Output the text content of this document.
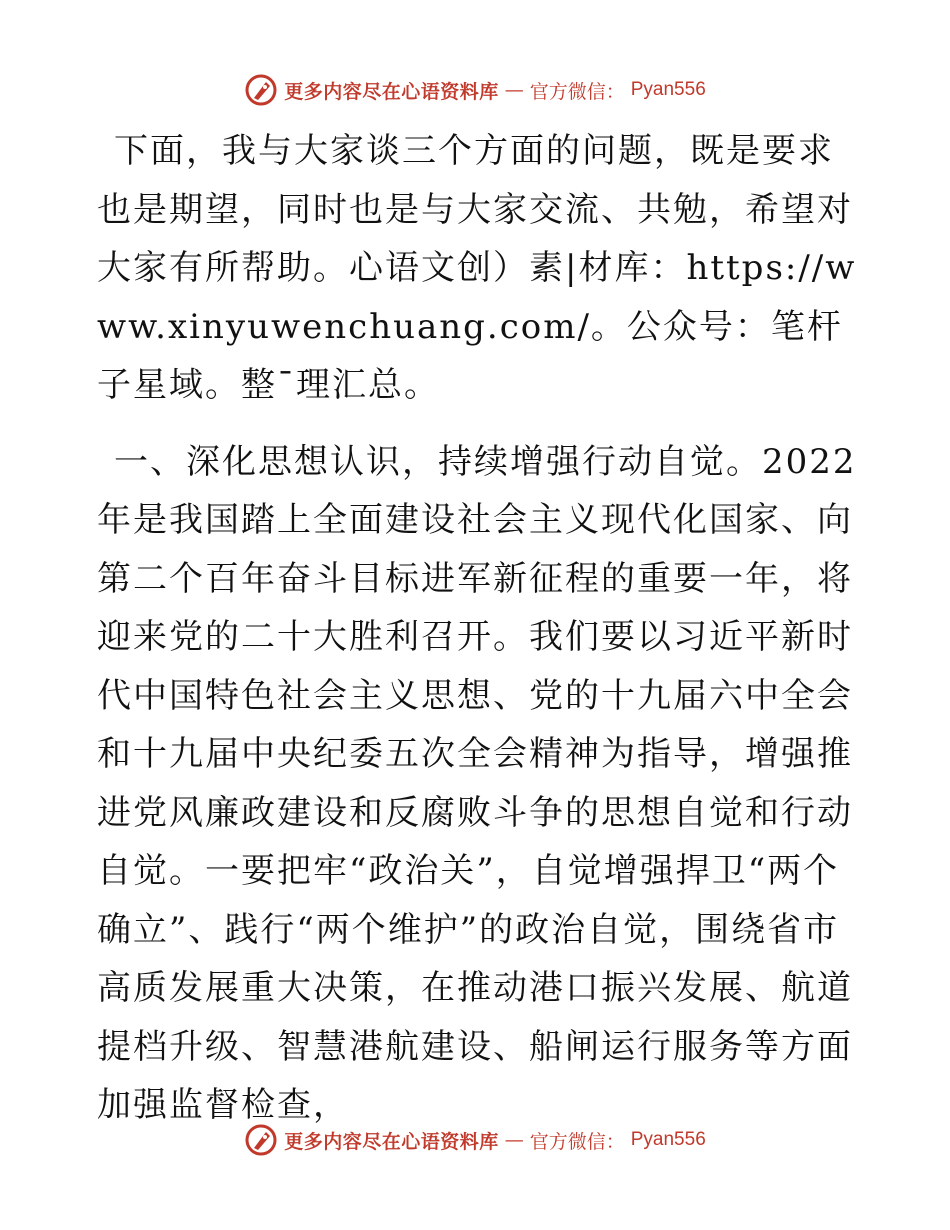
更多内容尽在心语资料库 — 官方微信： Pyan556

下面，我与大家谈三个方面的问题，既是要求也是期望，同时也是与大家交流、共勉，希望对大家有所帮助。心语文创）素|材库：https://www.xinyuwenchuang.com/。公众号：笔杆子星域。整¯理汇总。

一、深化思想认识，持续增强行动自觉。2022年是我国踏上全面建设社会主义现代化国家、向第二个百年奋斗目标进军新征程的重要一年，将迎来党的二十大胜利召开。我们要以习近平新时代中国特色社会主义思想、党的十九届六中全会和十九届中央纪委五次全会精神为指导，增强推进党风廉政建设和反腐败斗争的思想自觉和行动自觉。一要把牢“政治关”，自觉增强捍卫“两个确立”、践行“两个维护”的政治自觉，围绕省市高质发展重大决策，在推动港口振兴发展、航道提档升级、智慧港航建设、船闸运行服务等方面加强监督检查，

更多内容尽在心语资料库 — 官方微信： Pyan556
